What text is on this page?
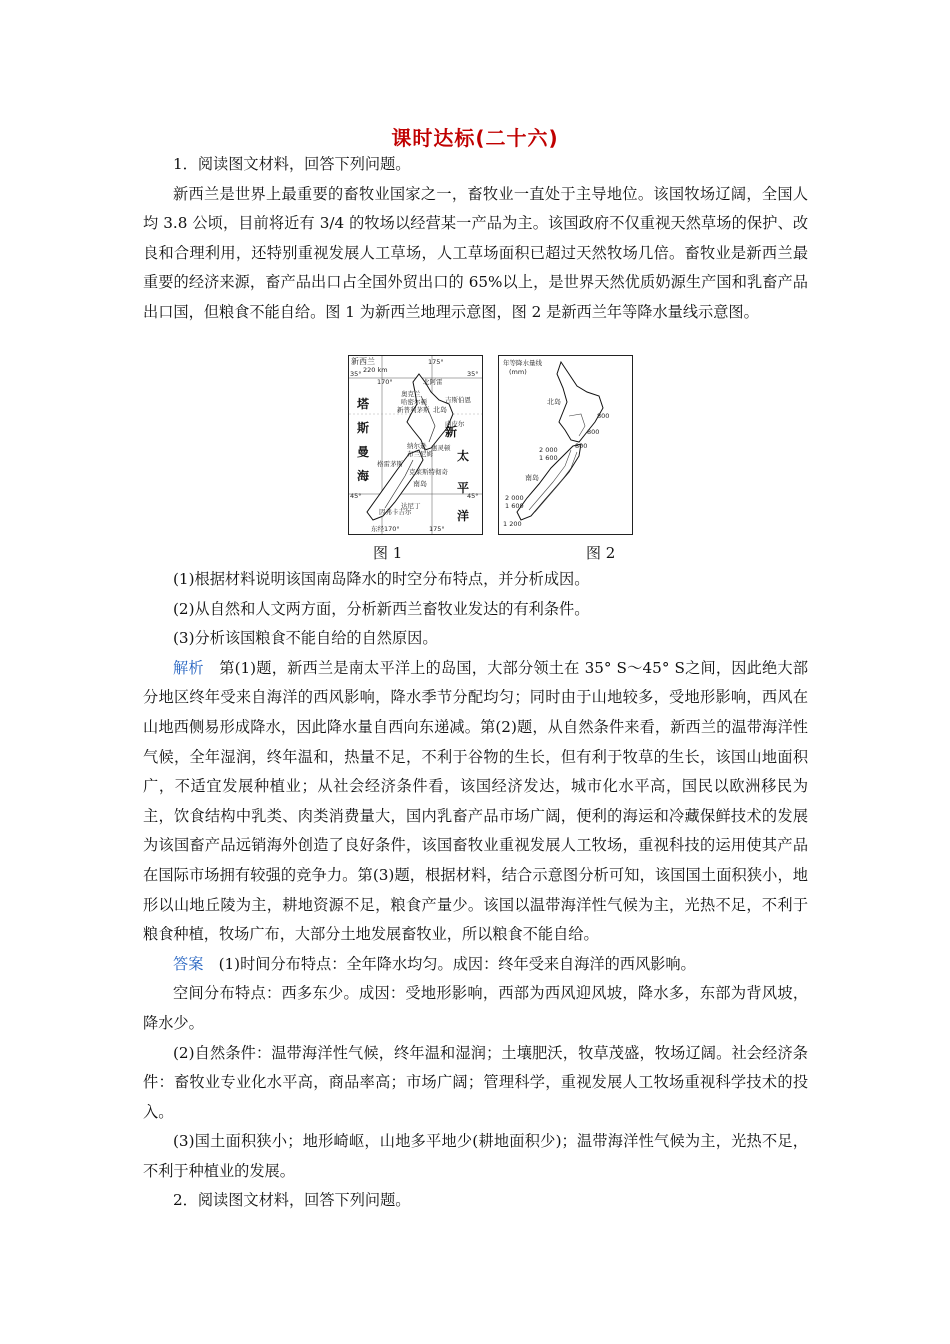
课时达标(二十六)

1．阅读图文材料，回答下列问题。

新西兰是世界上最重要的畜牧业国家之一，畜牧业一直处于主导地位。该国牧场辽阔，全国人均 3.8 公顷，目前将近有 3/4 的牧场以经营某一产品为主。该国政府不仅重视天然草场的保护、改良和合理利用，还特别重视发展人工草场，人工草场面积已超过天然牧场几倍。畜牧业是新西兰最重要的经济来源，畜产品出口占全国外贸出口的 65%以上，是世界天然优质奶源生产国和乳畜产品出口国，但粮食不能自给。图 1 为新西兰地理示意图，图 2 是新西兰年等降水量线示意图。

新西兰
220 km
175°
170°
35°	35°
45°	45°
东经170°	175°
塔
斯
曼
海
新
太
平
洋
北岛
南岛
北阿雷
奥克兰
哈密尔顿
新普利茅斯
吉斯伯恩
内皮尔
纳尔逊 惠灵顿
布兰尼姆
格雷茅斯
克莱斯特彻奇
达尼丁
因弗卡吉尔
年等降水量线
(mm)
北岛
800
800
2 000
1 600
800
南岛
2 000
1 600
1 200
图 1	图 2

(1)根据材料说明该国南岛降水的时空分布特点，并分析成因。

(2)从自然和人文两方面，分析新西兰畜牧业发达的有利条件。

(3)分析该国粮食不能自给的自然原因。

解析　 第(1)题，新西兰是南太平洋上的岛国，大部分领土在 35° S～45° S之间，因此绝大部分地区终年受来自海洋的西风影响，降水季节分配均匀；同时由于山地较多，受地形影响，西风在山地西侧易形成降水，因此降水量自西向东递减。第(2)题，从自然条件来看，新西兰的温带海洋性气候，全年湿润，终年温和，热量不足，不利于谷物的生长，但有利于牧草的生长，该国山地面积广，不适宜发展种植业；从社会经济条件看，该国经济发达，城市化水平高，国民以欧洲移民为主，饮食结构中乳类、肉类消费量大，国内乳畜产品市场广阔，便利的海运和冷藏保鲜技术的发展为该国畜产品远销海外创造了良好条件，该国畜牧业重视发展人工牧场，重视科技的运用使其产品在国际市场拥有较强的竞争力。第(3)题，根据材料，结合示意图分析可知，该国国土面积狭小，地形以山地丘陵为主，耕地资源不足，粮食产量少。该国以温带海洋性气候为主，光热不足，不利于粮食种植，牧场广布，大部分土地发展畜牧业，所以粮食不能自给。

答案　 (1)时间分布特点：全年降水均匀。成因：终年受来自海洋的西风影响。

空间分布特点：西多东少。成因：受地形影响，西部为西风迎风坡，降水多，东部为背风坡，降水少。

(2)自然条件：温带海洋性气候，终年温和湿润；土壤肥沃，牧草茂盛，牧场辽阔。社会经济条件：畜牧业专业化水平高，商品率高；市场广阔；管理科学，重视发展人工牧场重视科学技术的投入。

(3)国土面积狭小；地形崎岖，山地多平地少(耕地面积少)；温带海洋性气候为主，光热不足，不利于种植业的发展。

2．阅读图文材料，回答下列问题。
